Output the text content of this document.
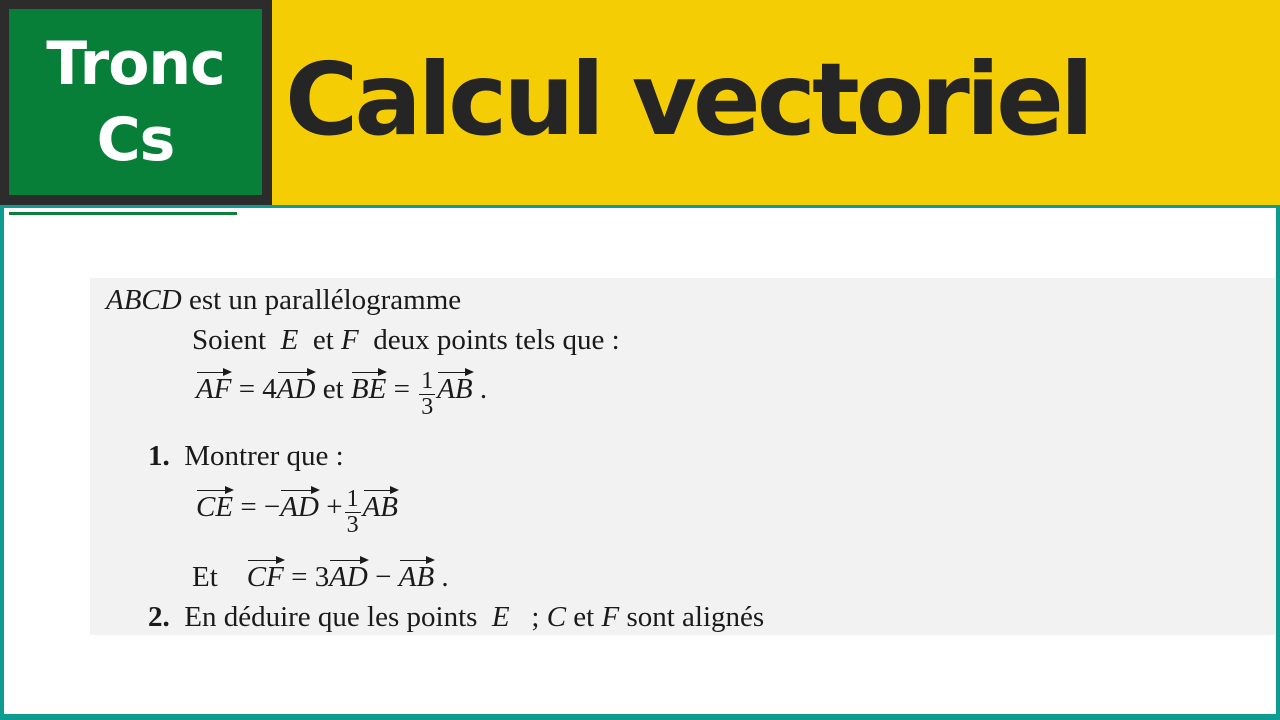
Tronc
Cs Calcul vectoriel
ABCD est un parallélogramme
Soient E et F deux points tels que :
AF = 4AD et BE = $\frac{1}{3}$ AB .
1. Montrer que :
CE = $-AD + \frac{1}{3}$ AB
Et CF = 3AD − AB .
2. En déduire que les points E ; C et F sont alignés
